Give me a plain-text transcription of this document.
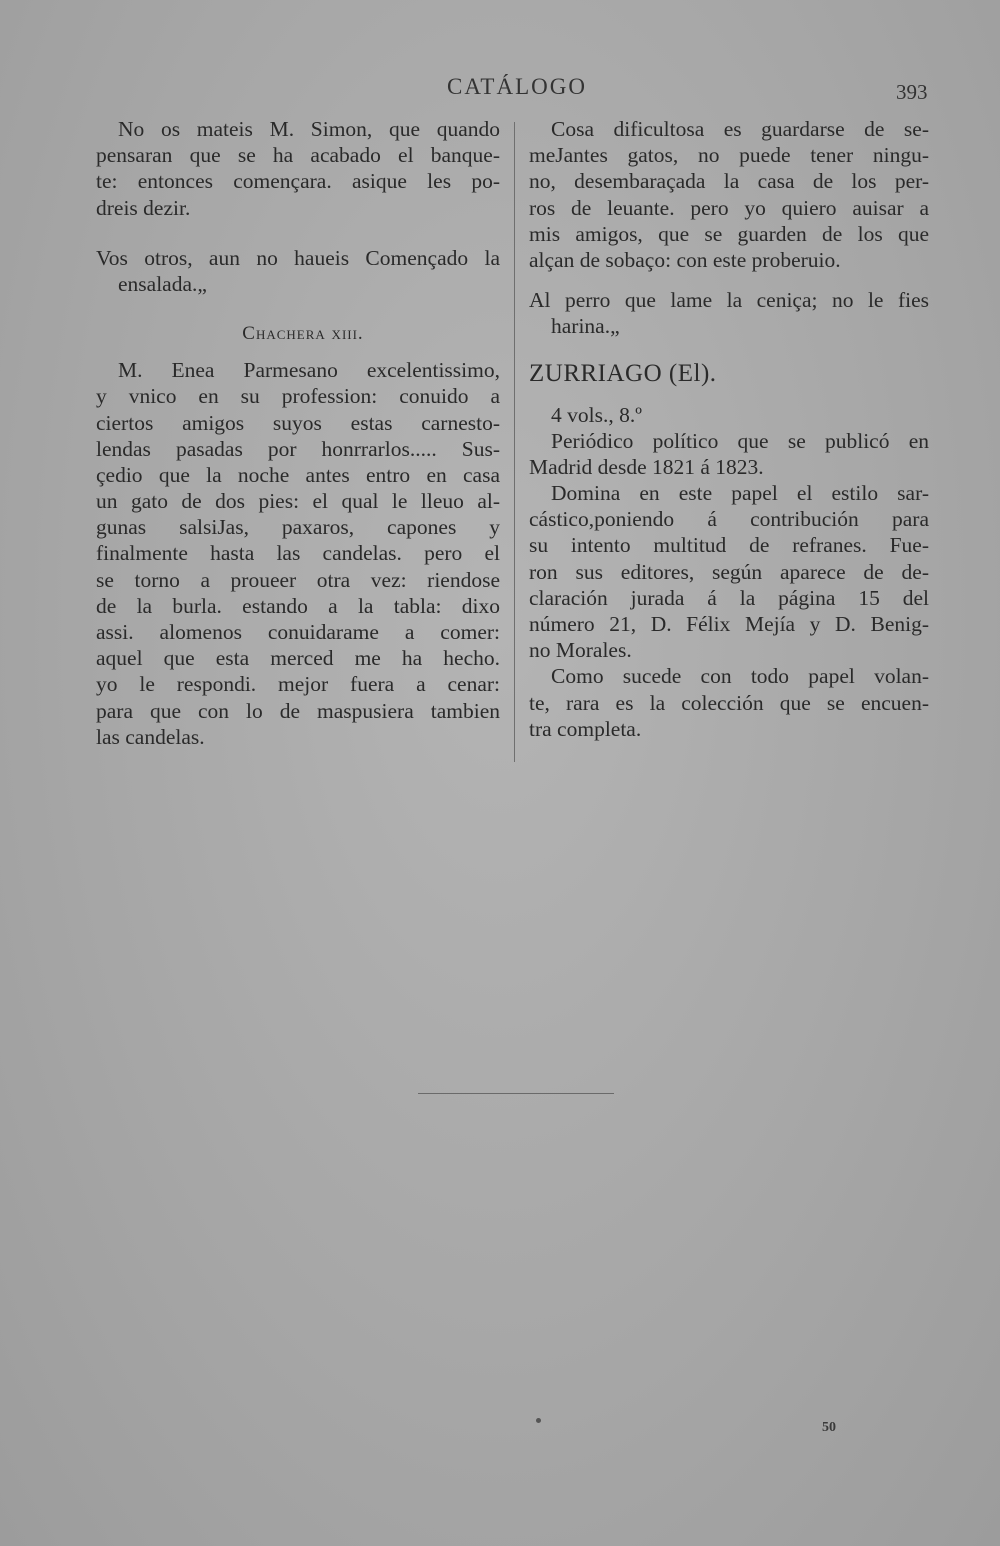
CATÁLOGO	393
No os mateis M. Simon, que quando
pensaran que se ha acabado el banque-
te: entonces començara. asique les po-
dreis dezir.
Vos otros, aun no haueis Començado la
ensalada.„
Chachera xiii.
M. Enea Parmesano excelentissimo,
y vnico en su profession: conuido a
ciertos amigos suyos estas carnesto-
lendas pasadas por honrrarlos..... Sus-
çedio que la noche antes entro en casa
un gato de dos pies: el qual le lleuo al-
gunas salsiJas, paxaros, capones y
finalmente hasta las candelas. pero el
se torno a proueer otra vez: riendose
de la burla. estando a la tabla: dixo
assi. alomenos conuidarame a comer:
aquel que esta merced me ha hecho.
yo le respondi. mejor fuera a cenar:
para que con lo de maspusiera tambien
las candelas.
Cosa dificultosa es guardarse de se-
meJantes gatos, no puede tener ningu-
no, desembaraçada la casa de los per-
ros de leuante. pero yo quiero auisar a
mis amigos, que se guarden de los que
alçan de sobaço: con este proberuio.
Al perro que lame la ceniça; no le fies
harina.„
ZURRIAGO (El).
4 vols., 8.º
Periódico político que se publicó en
Madrid desde 1821 á 1823.
Domina en este papel el estilo sar-
cástico,poniendo á contribución para
su intento multitud de refranes. Fue-
ron sus editores, según aparece de de-
claración jurada á la página 15 del
número 21, D. Félix Mejía y D. Benig-
no Morales.
Como sucede con todo papel volan-
te, rara es la colección que se encuen-
tra completa.
50
